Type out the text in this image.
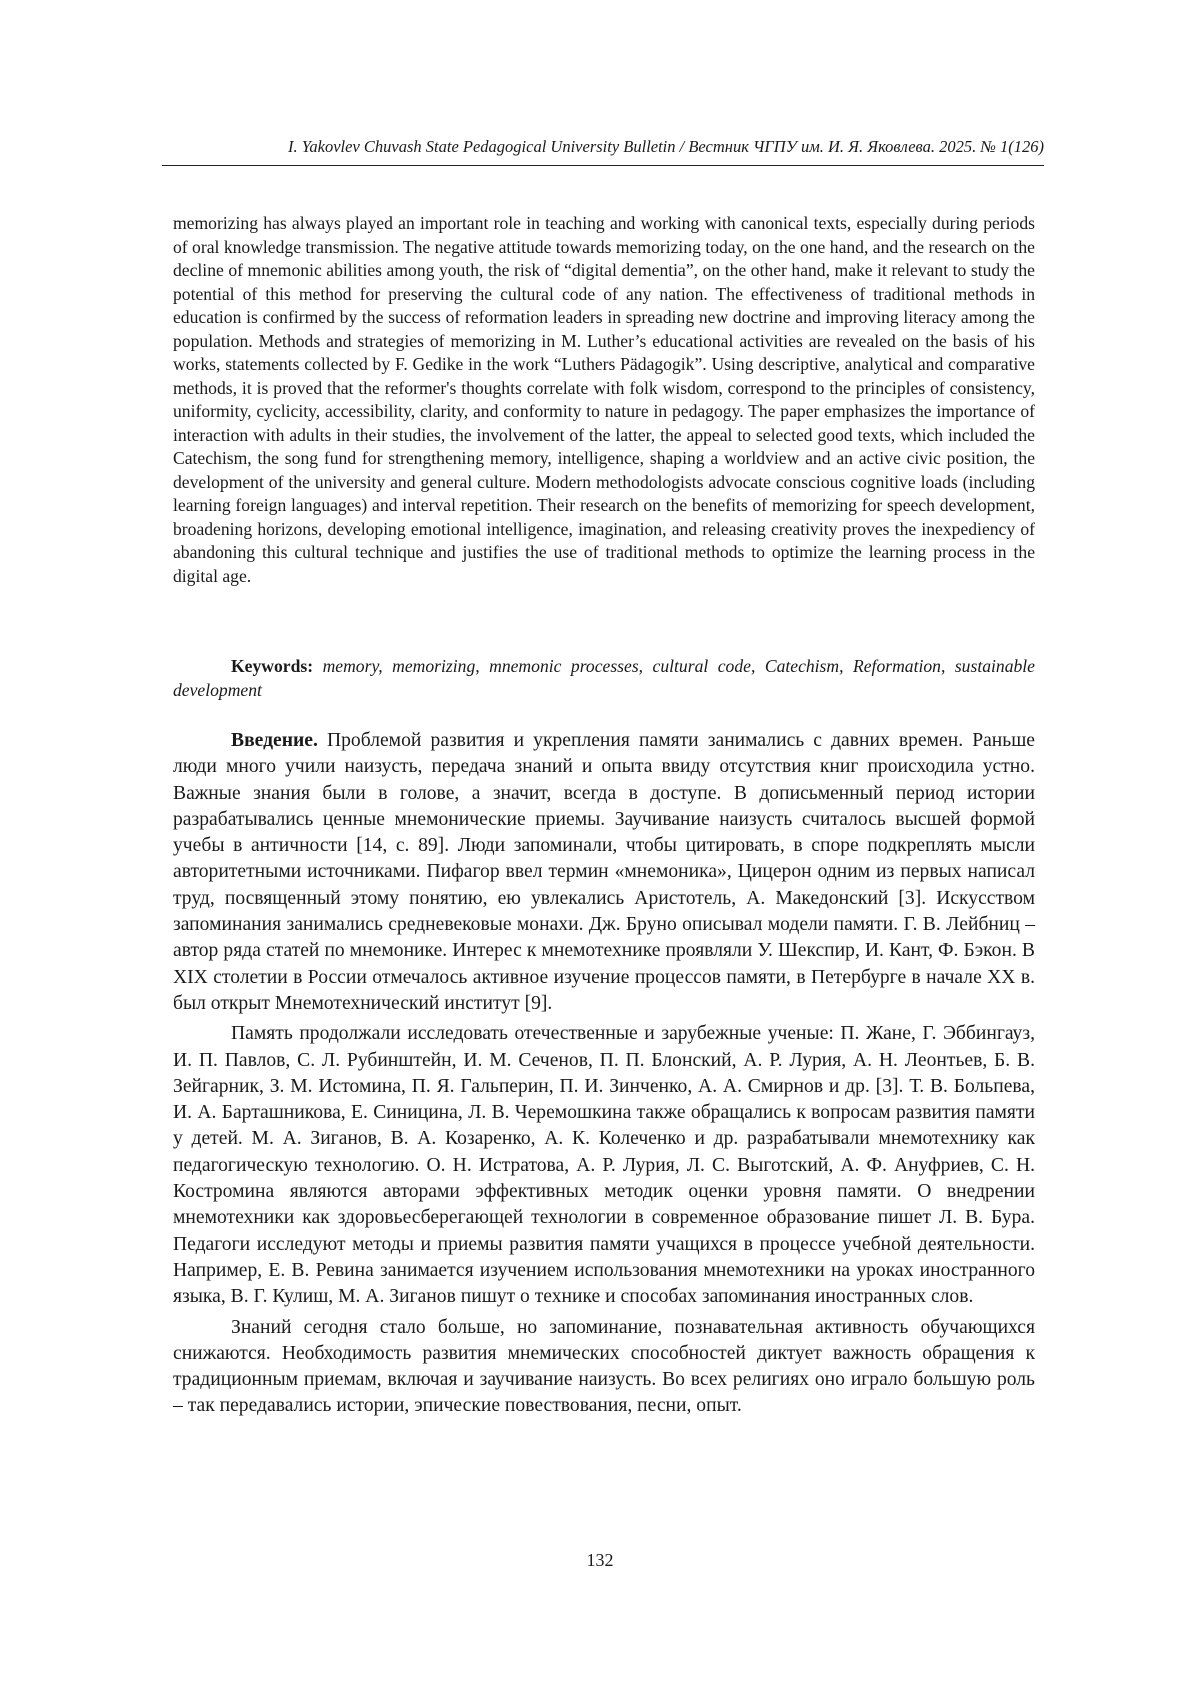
I. Yakovlev Chuvash State Pedagogical University Bulletin / Вестник ЧГПУ им. И. Я. Яковлева. 2025. № 1(126)

memorizing has always played an important role in teaching and working with canonical texts, especially during periods of oral knowledge transmission. The negative attitude towards memorizing today, on the one hand, and the research on the decline of mnemonic abilities among youth, the risk of “digital dementia”, on the other hand, make it relevant to study the potential of this method for preserving the cultural code of any nation. The effectiveness of traditional methods in education is confirmed by the success of reformation leaders in spreading new doctrine and improving literacy among the population. Methods and strategies of memorizing in M. Luther’s educational activities are revealed on the basis of his works, statements collected by F. Gedike in the work “Luthers Pädagogik”. Using descriptive, analytical and comparative methods, it is proved that the reformer's thoughts correlate with folk wisdom, correspond to the principles of consistency, uniformity, cyclicity, accessibility, clarity, and conformity to nature in pedagogy. The paper emphasizes the importance of interaction with adults in their studies, the involvement of the latter, the appeal to selected good texts, which included the Catechism, the song fund for strengthening memory, intelligence, shaping a worldview and an active civic position, the development of the university and general culture. Modern methodologists advocate conscious cognitive loads (including learning foreign languages) and interval repetition. Their research on the benefits of memorizing for speech development, broadening horizons, developing emotional intelligence, imagination, and releasing creativity proves the inexpediency of abandoning this cultural technique and justifies the use of traditional methods to optimize the learning process in the digital age.

Keywords: memory, memorizing, mnemonic processes, cultural code, Catechism, Reformation, sustainable development

Введение. Проблемой развития и укрепления памяти занимались с давних времен. Раньше люди много учили наизусть, передача знаний и опыта ввиду отсутствия книг происходила устно. Важные знания были в голове, а значит, всегда в доступе. В дописьменный период истории разрабатывались ценные мнемонические приемы. Заучивание наизусть считалось высшей формой учебы в античности [14, с. 89]. Люди запоминали, чтобы цитировать, в споре подкреплять мысли авторитетными источниками. Пифагор ввел термин «мнемоника», Цицерон одним из первых написал труд, посвященный этому понятию, ею увлекались Аристотель, А. Македонский [3]. Искусством запоминания занимались средневековые монахи. Дж. Бруно описывал модели памяти. Г. В. Лейбниц – автор ряда статей по мнемонике. Интерес к мнемотехнике проявляли У. Шекспир, И. Кант, Ф. Бэкон. В XIX столетии в России отмечалось активное изучение процессов памяти, в Петербурге в начале XX в. был открыт Мнемотехнический институт [9].

Память продолжали исследовать отечественные и зарубежные ученые: П. Жане, Г. Эббингауз, И. П. Павлов, С. Л. Рубинштейн, И. М. Сеченов, П. П. Блонский, А. Р. Лурия, А. Н. Леонтьев, Б. В. Зейгарник, З. М. Истомина, П. Я. Гальперин, П. И. Зинченко, А. А. Смирнов и др. [3]. Т. В. Больпева, И. А. Барташникова, Е. Синицина, Л. В. Черемошкина также обращались к вопросам развития памяти у детей. М. А. Зиганов, В. А. Козаренко, А. К. Колеченко и др. разрабатывали мнемотехнику как педагогическую технологию. О. Н. Истратова, А. Р. Лурия, Л. С. Выготский, А. Ф. Ануфриев, С. Н. Костромина являются авторами эффективных методик оценки уровня памяти. О внедрении мнемотехники как здоровьесберегающей технологии в современное образование пишет Л. В. Бура. Педагоги исследуют методы и приемы развития памяти учащихся в процессе учебной деятельности. Например, Е. В. Ревина занимается изучением использования мнемотехники на уроках иностранного языка, В. Г. Кулиш, М. А. Зиганов пишут о технике и способах запоминания иностранных слов.

Знаний сегодня стало больше, но запоминание, познавательная активность обучающихся снижаются. Необходимость развития мнемических способностей диктует важность обращения к традиционным приемам, включая и заучивание наизусть. Во всех религиях оно играло большую роль – так передавались истории, эпические повествования, песни, опыт.

132
